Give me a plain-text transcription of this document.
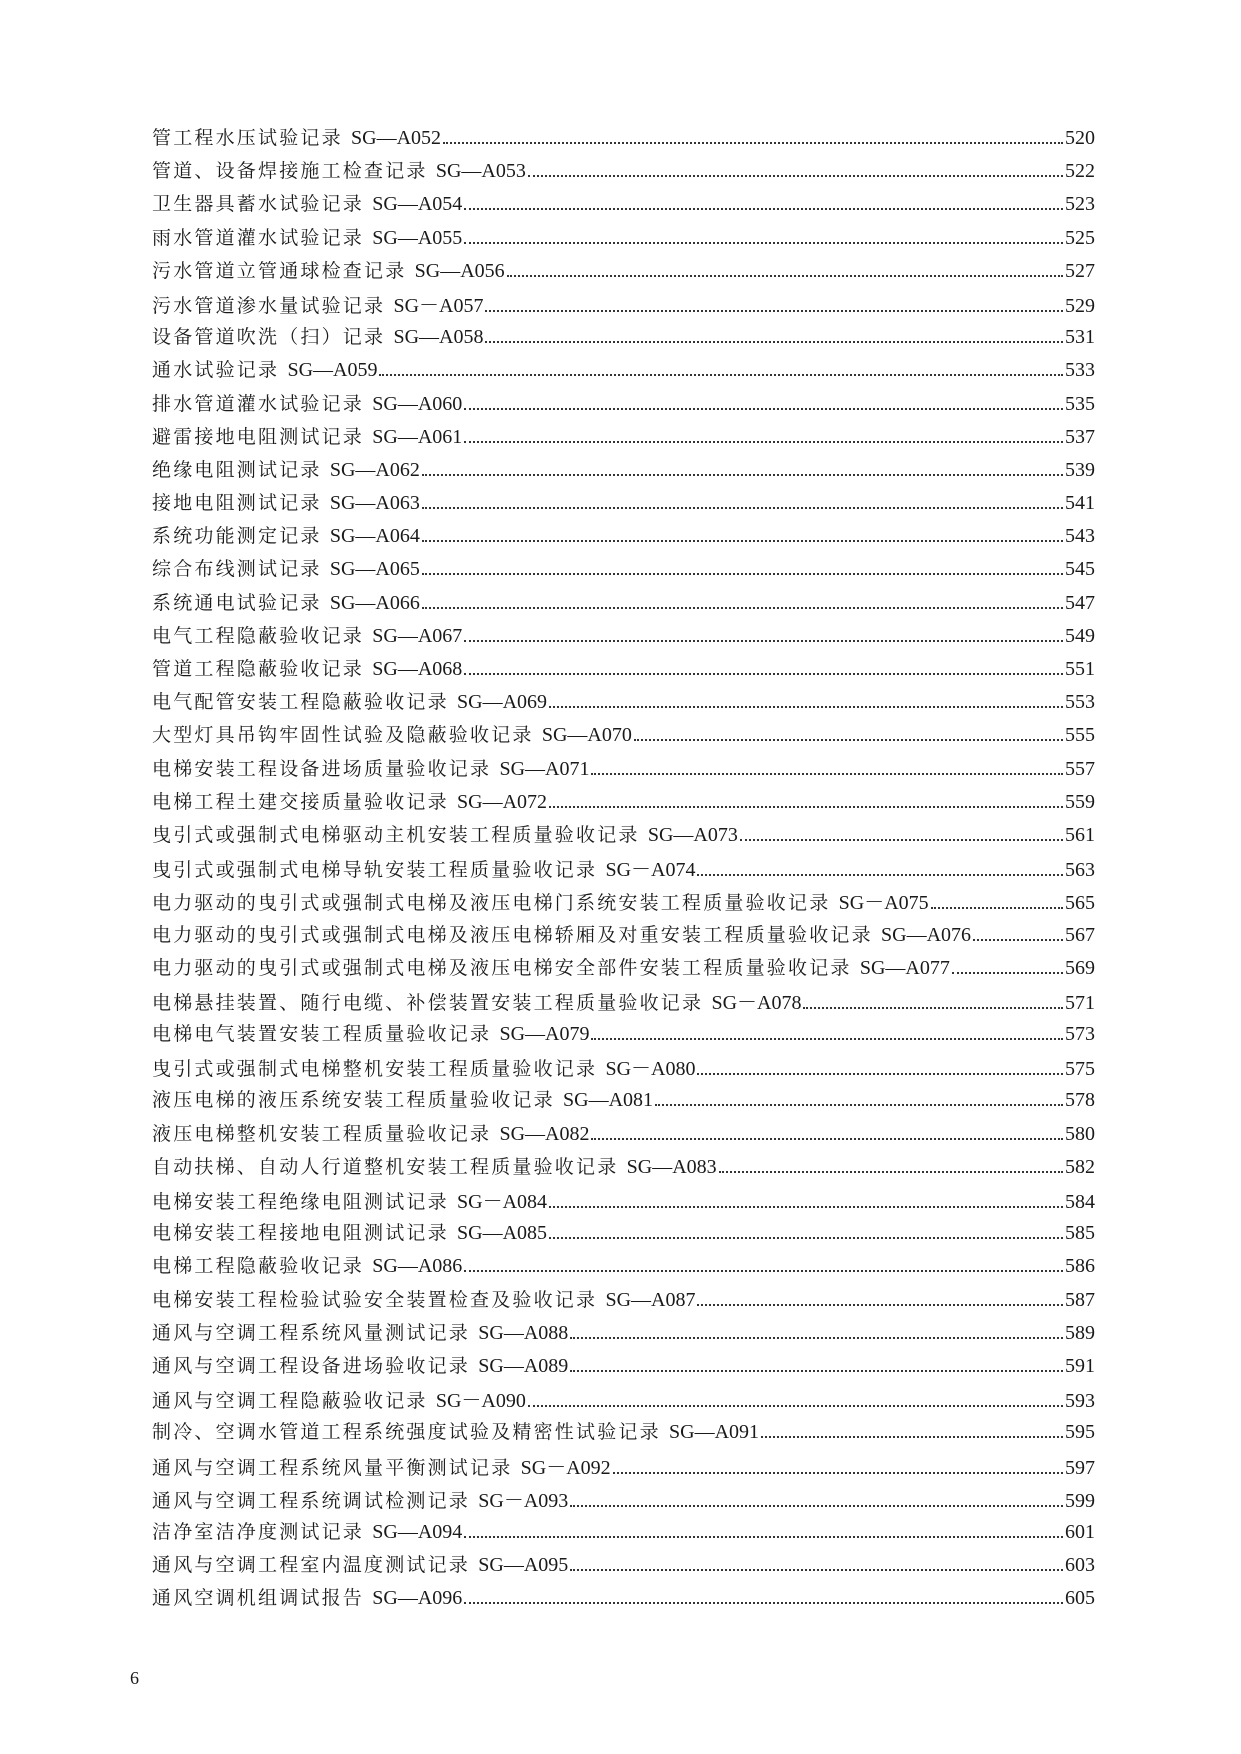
管工程水压试验记录 SG—A052	520
管道、设备焊接施工检查记录 SG—A053	522
卫生器具蓄水试验记录 SG—A054	523
雨水管道灌水试验记录 SG—A055	525
污水管道立管通球检查记录 SG—A056	527
污水管道渗水量试验记录 SG－A057	529
设备管道吹洗（扫）记录 SG—A058	531
通水试验记录 SG—A059	533
排水管道灌水试验记录 SG—A060	535
避雷接地电阻测试记录 SG—A061	537
绝缘电阻测试记录 SG—A062	539
接地电阻测试记录 SG—A063	541
系统功能测定记录 SG—A064	543
综合布线测试记录 SG—A065	545
系统通电试验记录 SG—A066	547
电气工程隐蔽验收记录 SG—A067	549
管道工程隐蔽验收记录 SG—A068	551
电气配管安装工程隐蔽验收记录 SG—A069	553
大型灯具吊钩牢固性试验及隐蔽验收记录 SG—A070	555
电梯安装工程设备进场质量验收记录 SG—A071	557
电梯工程土建交接质量验收记录 SG—A072	559
曳引式或强制式电梯驱动主机安装工程质量验收记录 SG—A073	561
曳引式或强制式电梯导轨安装工程质量验收记录 SG－A074	563
电力驱动的曳引式或强制式电梯及液压电梯门系统安装工程质量验收记录 SG－A075	565
电力驱动的曳引式或强制式电梯及液压电梯轿厢及对重安装工程质量验收记录 SG—A076	567
电力驱动的曳引式或强制式电梯及液压电梯安全部件安装工程质量验收记录 SG—A077	569
电梯悬挂装置、随行电缆、补偿装置安装工程质量验收记录 SG－A078	571
电梯电气装置安装工程质量验收记录 SG—A079	573
曳引式或强制式电梯整机安装工程质量验收记录 SG－A080	575
液压电梯的液压系统安装工程质量验收记录 SG—A081	578
液压电梯整机安装工程质量验收记录 SG—A082	580
自动扶梯、自动人行道整机安装工程质量验收记录 SG—A083	582
电梯安装工程绝缘电阻测试记录 SG－A084	584
电梯安装工程接地电阻测试记录 SG—A085	585
电梯工程隐蔽验收记录 SG—A086	586
电梯安装工程检验试验安全装置检查及验收记录 SG—A087	587
通风与空调工程系统风量测试记录 SG—A088	589
通风与空调工程设备进场验收记录 SG—A089	591
通风与空调工程隐蔽验收记录 SG－A090	593
制冷、空调水管道工程系统强度试验及精密性试验记录 SG—A091	595
通风与空调工程系统风量平衡测试记录 SG－A092	597
通风与空调工程系统调试检测记录 SG－A093	599
洁净室洁净度测试记录 SG—A094	601
通风与空调工程室内温度测试记录 SG—A095	603
通风空调机组调试报告 SG—A096	605
6
